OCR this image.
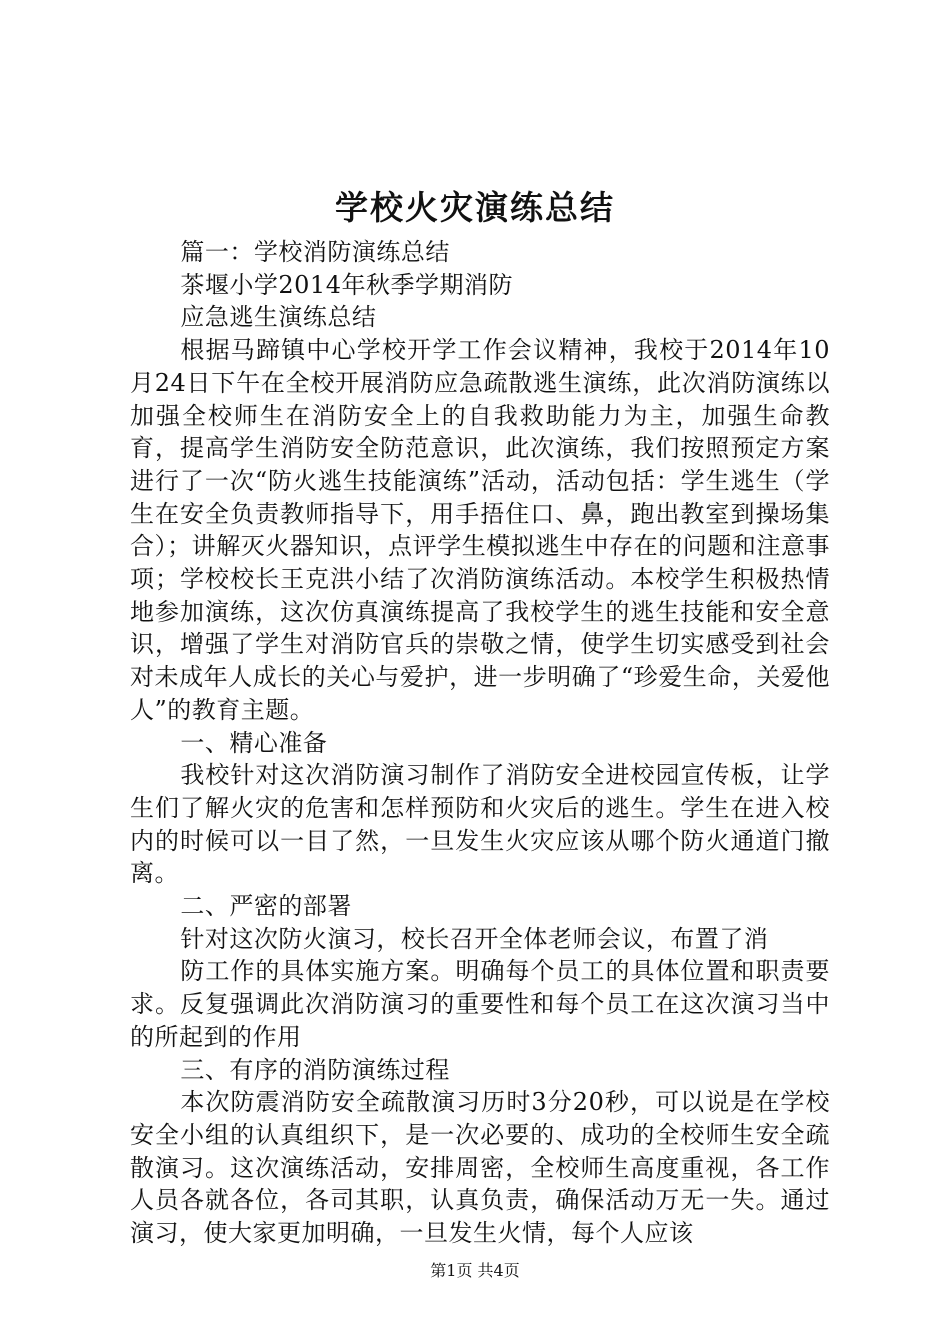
学校火灾演练总结

篇一：学校消防演练总结

茶堰小学2014年秋季学期消防

应急逃生演练总结

根据马蹄镇中心学校开学工作会议精神，我校于2014年10月24日下午在全校开展消防应急疏散逃生演练，此次消防演练以加强全校师生在消防安全上的自我救助能力为主，加强生命教育，提高学生消防安全防范意识，此次演练，我们按照预定方案进行了一次“防火逃生技能演练”活动，活动包括：学生逃生（学生在安全负责教师指导下，用手捂住口、鼻，跑出教室到操场集合）；讲解灭火器知识，点评学生模拟逃生中存在的问题和注意事项；学校校长王克洪小结了次消防演练活动。本校学生积极热情地参加演练，这次仿真演练提高了我校学生的逃生技能和安全意识，增强了学生对消防官兵的崇敬之情，使学生切实感受到社会对未成年人成长的关心与爱护，进一步明确了“珍爱生命，关爱他人”的教育主题。

一、精心准备

我校针对这次消防演习制作了消防安全进校园宣传板，让学生们了解火灾的危害和怎样预防和火灾后的逃生。学生在进入校内的时候可以一目了然，一旦发生火灾应该从哪个防火通道门撤离。

二、严密的部署

针对这次防火演习，校长召开全体老师会议，布置了消

防工作的具体实施方案。明确每个员工的具体位置和职责要求。反复强调此次消防演习的重要性和每个员工在这次演习当中的所起到的作用

三、有序的消防演练过程

本次防震消防安全疏散演习历时3分20秒，可以说是在学校安全小组的认真组织下，是一次必要的、成功的全校师生安全疏散演习。这次演练活动，安排周密，全校师生高度重视，各工作人员各就各位，各司其职，认真负责，确保活动万无一失。通过演习，使大家更加明确，一旦发生火情，每个人应该

第1页 共4页
